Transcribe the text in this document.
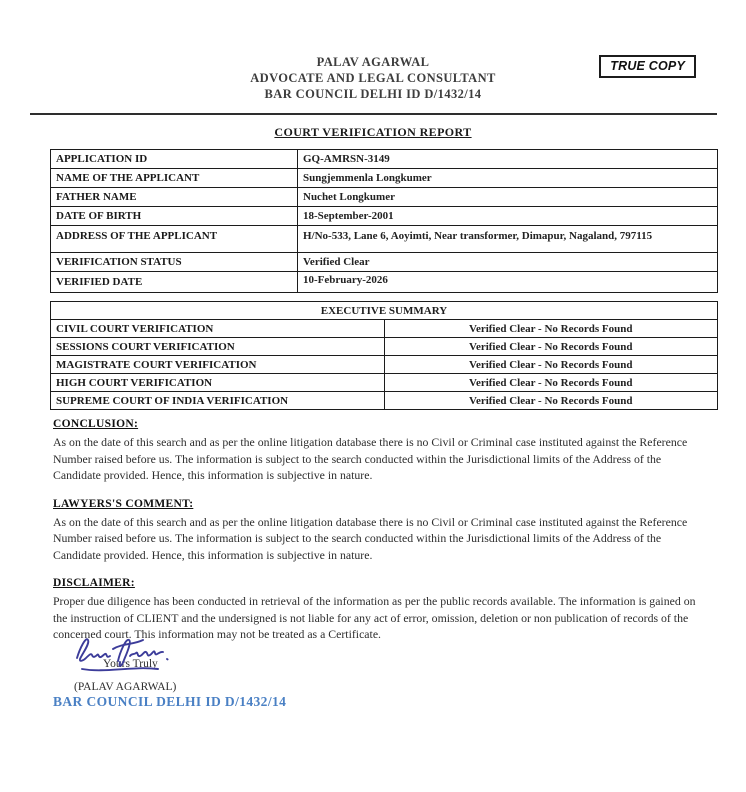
PALAV AGARWAL
ADVOCATE AND LEGAL CONSULTANT
BAR COUNCIL DELHI ID D/1432/14
TRUE COPY
COURT VERIFICATION REPORT
APPLICATION ID	GQ-AMRSN-3149
NAME OF THE APPLICANT	Sungjemmenla Longkumer
FATHER NAME	Nuchet Longkumer
DATE OF BIRTH	18-September-2001
ADDRESS OF THE APPLICANT	H/No-533, Lane 6, Aoyimti, Near transformer, Dimapur, Nagaland, 797115
VERIFICATION STATUS	Verified Clear
VERIFIED DATE	10-February-2026
EXECUTIVE SUMMARY	
CIVIL COURT VERIFICATION	Verified Clear - No Records Found
SESSIONS COURT VERIFICATION	Verified Clear - No Records Found
MAGISTRATE COURT VERIFICATION	Verified Clear - No Records Found
HIGH COURT VERIFICATION	Verified Clear - No Records Found
SUPREME COURT OF INDIA VERIFICATION	Verified Clear - No Records Found
CONCLUSION:
As on the date of this search and as per the online litigation database there is no Civil or Criminal case instituted against the Reference Number raised before us. The information is subject to the search conducted within the Jurisdictional limits of the Address of the Candidate provided. Hence, this information is subjective in nature.
LAWYERS'S COMMENT:
As on the date of this search and as per the online litigation database there is no Civil or Criminal case instituted against the Reference Number raised before us. The information is subject to the search conducted within the Jurisdictional limits of the Address of the Candidate provided. Hence, this information is subjective in nature.
DISCLAIMER:
Proper due diligence has been conducted in retrieval of the information as per the public records available. The information is gained on the instruction of CLIENT and the undersigned is not liable for any act of error, omission, deletion or non publication of records of the concerned court. This information may not be treated as a Certificate.
Yours Truly
(PALAV AGARWAL)
BAR COUNCIL DELHI ID D/1432/14
